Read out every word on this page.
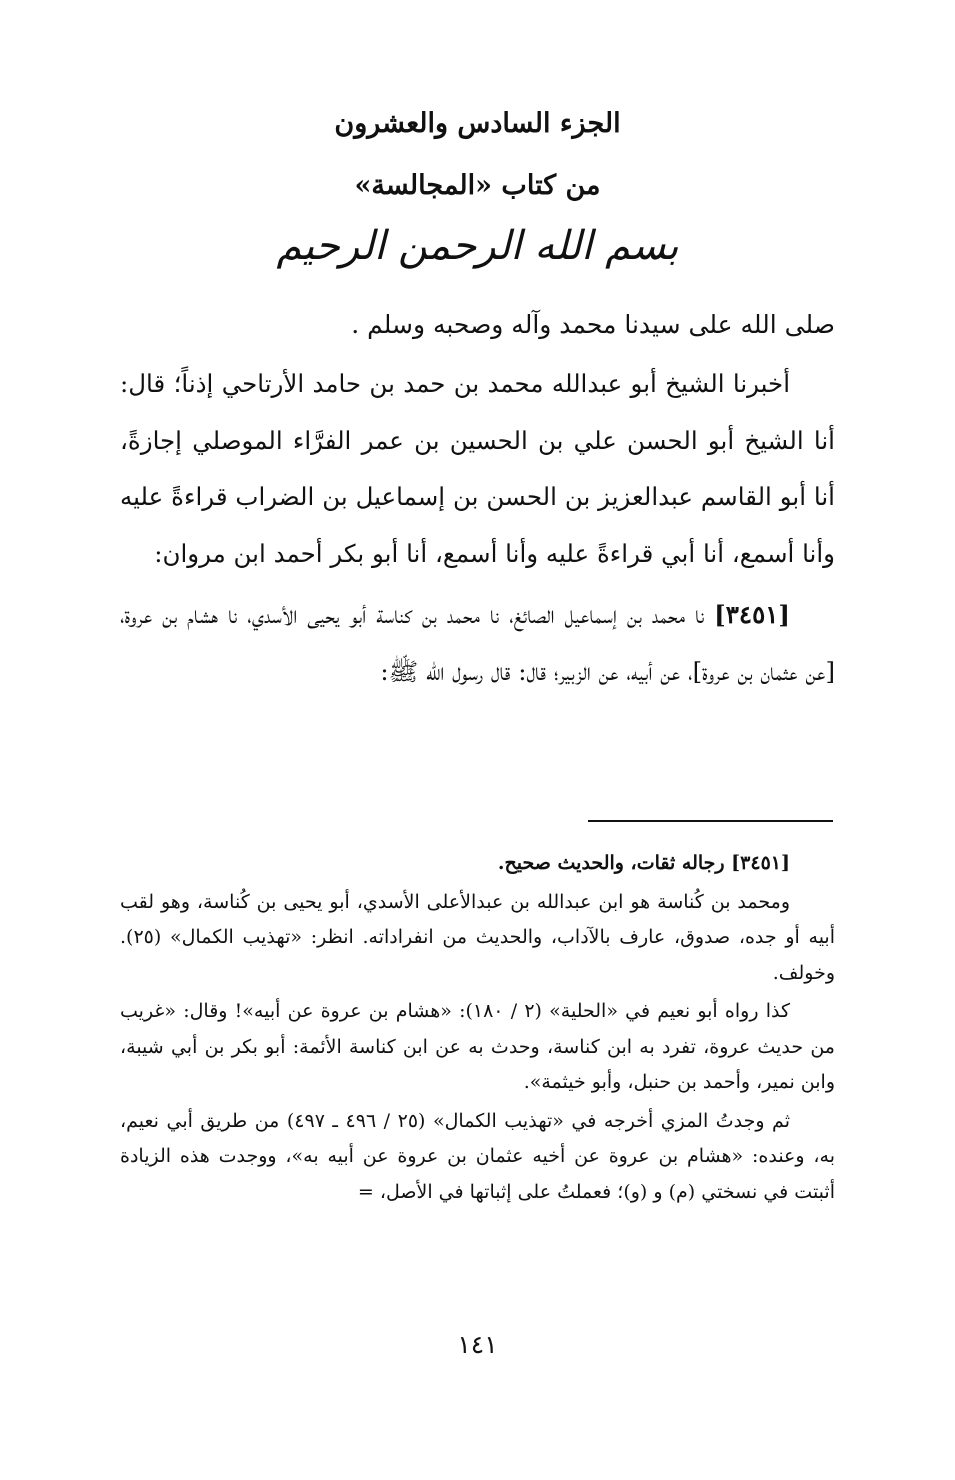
الجزء السادس والعشرون
من كتاب «المجالسة»
بسم الله الرحمن الرحيم
صلى الله على سيدنا محمد وآله وصحبه وسلم .

أخبرنا الشيخ أبو عبدالله محمد بن حمد بن حامد الأرتاحي إذناً؛ قال: أنا الشيخ أبو الحسن علي بن الحسين بن عمر الفرَّاء الموصلي إجازةً، أنا أبو القاسم عبدالعزيز بن الحسن بن إسماعيل بن الضراب قراءةً عليه وأنا أسمع، أنا أبي قراءةً عليه وأنا أسمع، أنا أبو بكر أحمد ابن مروان:

[٣٤٥١] نا محمد بن إسماعيل الصائغ، نا محمد بن كناسة أبو يحيى الأسدي، نا هشام بن عروة، [عن عثمان بن عروة]، عن أبيه، عن الزبير؛ قال: قال رسول الله ﷺ:

[٣٤٥١] رجاله ثقات، والحديث صحيح.

ومحمد بن كُناسة هو ابن عبدالله بن عبدالأعلى الأسدي، أبو يحيى بن كُناسة، وهو لقب أبيه أو جده، صدوق، عارف بالآداب، والحديث من انفراداته. انظر: «تهذيب الكمال» (٢٥). وخولف.

كذا رواه أبو نعيم في «الحلية» (٢ / ١٨٠): «هشام بن عروة عن أبيه»! وقال: «غريب من حديث عروة، تفرد به ابن كناسة، وحدث به عن ابن كناسة الأئمة: أبو بكر بن أبي شيبة، وابن نمير، وأحمد بن حنبل، وأبو خيثمة».

ثم وجدتُ المزي أخرجه في «تهذيب الكمال» (٢٥ / ٤٩٦ ـ ٤٩٧) من طريق أبي نعيم، به، وعنده: «هشام بن عروة عن أخيه عثمان بن عروة عن أبيه به»، ووجدت هذه الزيادة أثبتت في نسختي (م) و (و)؛ فعملتُ على إثباتها في الأصل، =

١٤١
